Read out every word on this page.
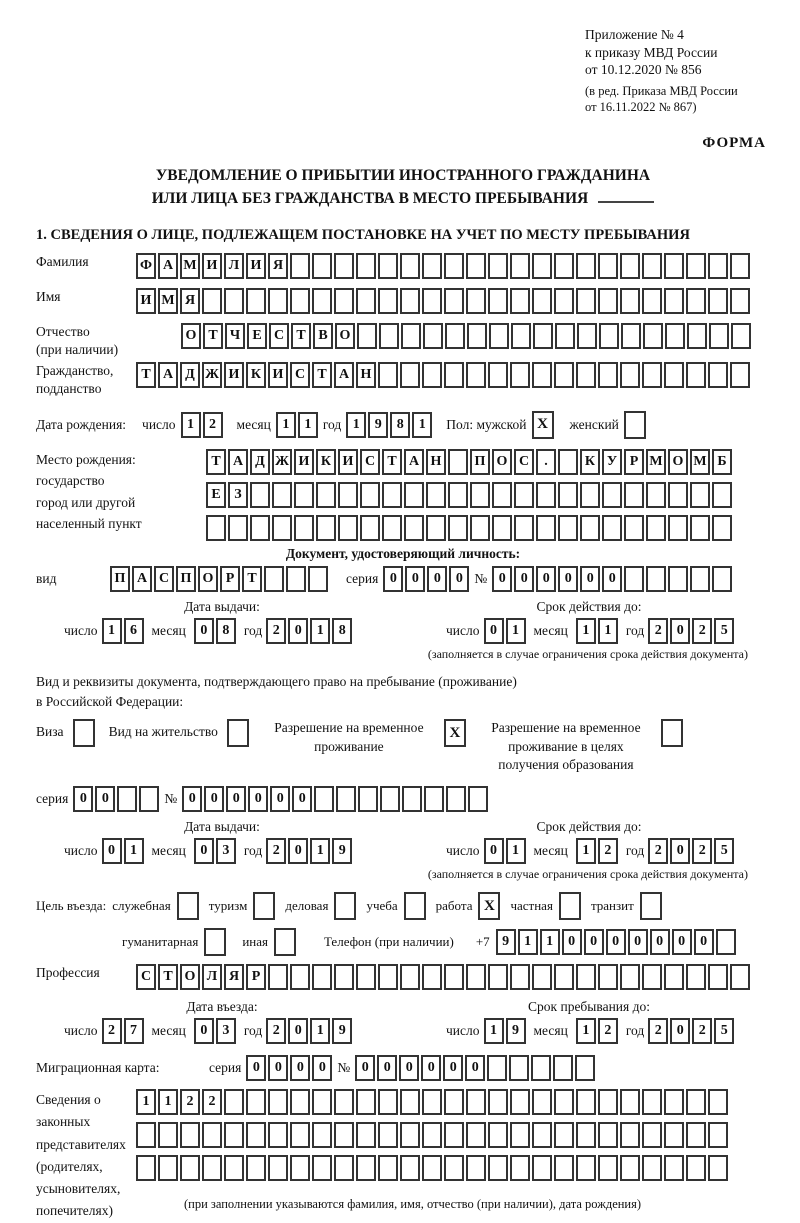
Приложение № 4
к приказу МВД России
от 10.12.2020 № 856
(в ред. Приказа МВД России
от 16.11.2022 № 867)
ФОРМА
УВЕДОМЛЕНИЕ О ПРИБЫТИИ ИНОСТРАННОГО ГРАЖДАНИНА
ИЛИ ЛИЦА БЕЗ ГРАЖДАНСТВА В МЕСТО ПРЕБЫВАНИЯ
1. СВЕДЕНИЯ О ЛИЦЕ, ПОДЛЕЖАЩЕМ ПОСТАНОВКЕ НА УЧЕТ ПО МЕСТУ ПРЕБЫВАНИЯ
Фамилия	Ф А М И Л И Я
Имя	И М Я
Отчество
(при наличии)
О Т Ч Е С Т В О
Гражданство,
подданство
Т А Д Ж И К И С Т А Н
Дата рождения: число 1	2	месяц 1	1 год 1	9	8	1	Пол: мужской X	женский
Место рождения:
государство
город или другой
населенный пункт
Т А Д Ж И К И С Т А Н	П О С	.	К У Р М О М Б
Е З
Документ, удостоверяющий личность:
вид	П А С П О Р Т	серия 0	0	0	0 № 0	0	0	0	0	0
Дата выдачи:
число 1	6	месяц	0	8	год 2	0	1	8
Срок действия до:
число 0	1	месяц	1	1	год 2	0	2	5
(заполняется в случае ограничения срока действия документа)
Вид и реквизиты документа, подтверждающего право на пребывание (проживание)
в Российской Федерации:
Виза	Вид на жительство	Разрешение на временное проживание
X	Разрешение на временное проживание в целях получения образования
серия 0	0	№ 0	0	0	0	0	0
Дата выдачи:
число 0	1	месяц	0	3	год 2	0	1	9
Срок действия до:
число 0	1	месяц	1	2	год 2	0	2	5
(заполняется в случае ограничения срока действия документа)
Цель въезда: служебная	туризм	деловая	учеба	работа X	частная	транзит
гуманитарная	иная	Телефон (при наличии) +7 9	1	1	0	0	0	0	0	0	0
Профессия	С Т О Л Я Р
Дата въезда:
число 2	7	месяц	0	3	год 2	0	1	9
Срок пребывания до:
число 1	9	месяц	1	2	год 2	0	2	5
Миграционная карта:	серия 0	0	0	0 № 0	0	0	0	0	0
Сведения о
законных
представителях
(родителях,
усыновителях,
попечителях)
1	1	2	2
(при заполнении указываются фамилия, имя, отчество (при наличии), дата рождения)
